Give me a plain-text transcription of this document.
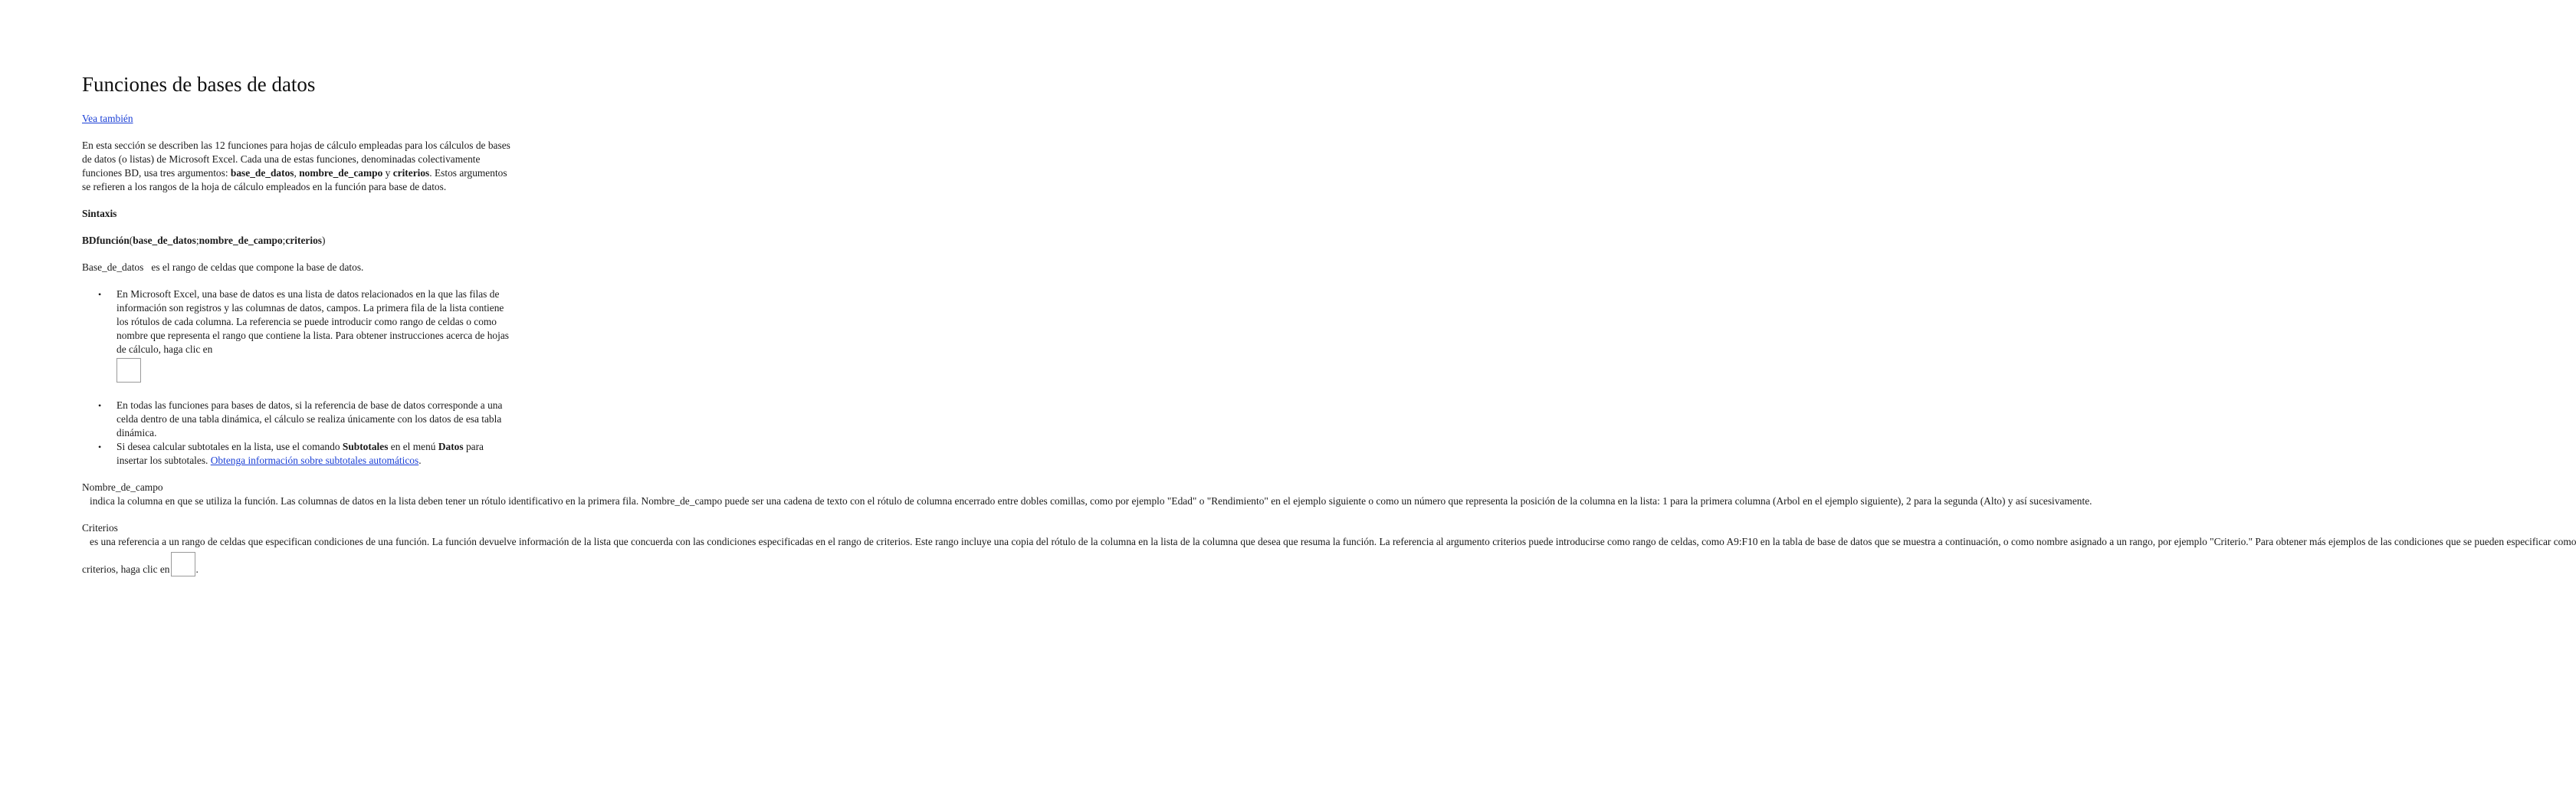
Funciones de bases de datos
Vea también

En esta sección se describen las 12 funciones para hojas de cálculo empleadas para los cálculos de bases de datos (o listas) de Microsoft Excel. Cada una de estas funciones, denominadas colectivamente funciones BD, usa tres argumentos: base_de_datos, nombre_de_campo y criterios. Estos argumentos se refieren a los rangos de la hoja de cálculo empleados en la función para base de datos.

Sintaxis

BDfunción(base_de_datos;nombre_de_campo;criterios)

Base_de_datos   es el rango de celdas que compone la base de datos.

• En Microsoft Excel, una base de datos es una lista de datos relacionados en la que las filas de información son registros y las columnas de datos, campos. La primera fila de la lista contiene los rótulos de cada columna. La referencia se puede introducir como rango de celdas o como nombre que representa el rango que contiene la lista. Para obtener instrucciones acerca de hojas de cálculo, haga clic en
• En todas las funciones para bases de datos, si la referencia de base de datos corresponde a una celda dentro de una tabla dinámica, el cálculo se realiza únicamente con los datos de esa tabla dinámica.
• Si desea calcular subtotales en la lista, use el comando Subtotales en el menú Datos para insertar los subtotales. Obtenga información sobre subtotales automáticos.

Nombre_de_campo   indica la columna en que se utiliza la función. Las columnas de datos en la lista deben tener un rótulo identificativo en la primera fila. Nombre_de_campo puede ser una cadena de texto con el rótulo de columna encerrado entre dobles comillas, como por ejemplo "Edad" o "Rendimiento" en el ejemplo siguiente o como un número que representa la posición de la columna en la lista: 1 para la primera columna (Arbol en el ejemplo siguiente), 2 para la segunda (Alto) y así sucesivamente.

Criterios   es una referencia a un rango de celdas que especifican condiciones de una función. La función devuelve información de la lista que concuerda con las condiciones especificadas en el rango de criterios. Este rango incluye una copia del rótulo de la columna en la lista de la columna que desea que resuma la función. La referencia al argumento criterios puede introducirse como rango de celdas, como A9:F10 en la tabla de base de datos que se muestra a continuación, o como nombre asignado a un rango, por ejemplo "Criterio." Para obtener más ejemplos de las condiciones que se pueden especificar como

criterios, haga clic en	.
